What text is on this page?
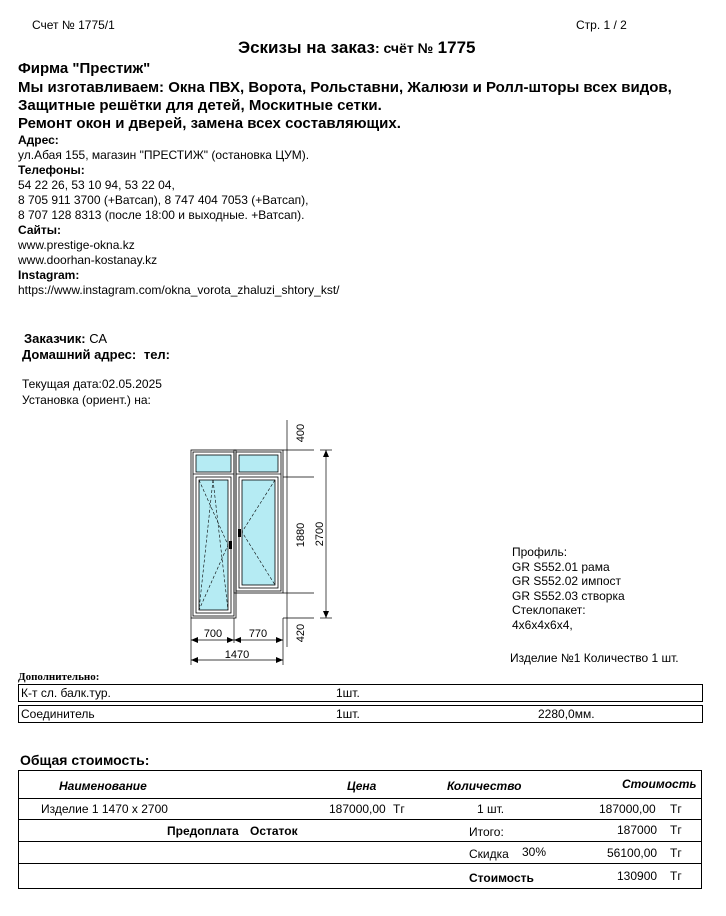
Счет № 1775/1	Стр. 1 / 2
Эскизы на заказ: счёт № 1775
Фирма "Престиж"
Мы изготавливаем: Окна ПВХ, Ворота, Рольставни, Жалюзи и Ролл-шторы всех видов,
Защитные решётки для детей, Москитные сетки.
Ремонт окон и дверей, замена всех составляющих.
Адрес:
ул.Абая 155, магазин "ПРЕСТИЖ" (остановка ЦУМ).
Телефоны:
54 22 26, 53 10 94, 53 22 04,
8 705 911 3700 (+Ватсап), 8 747 404 7053 (+Ватсап),
8 707 128 8313 (после 18:00 и выходные. +Ватсап).
Сайты:
www.prestige-okna.kz
www.doorhan-kostanay.kz
Instagram:
https://www.instagram.com/okna_vorota_zhaluzi_shtory_kst/
Заказчик: СА
Домашний адрес: тел:
Текущая дата:02.05.2025
Установка (ориент.) на:
400
1880
420
2700
700 770
1470
Профиль:
GR S552.01 рама
GR S552.02 импост
GR S552.03 створка
Стеклопакет:
4x6x4x6x4,
Изделие №1 Количество 1 шт.
Дополнительно:
К-т сл. балк.тур.	1шт.
Соединитель	1шт.	2280,0мм.
Общая стоимость:
Наименование	Цена	Количество	Стоимость

Изделие 1 1470 x 2700	187000,00 Тг	1 шт.	187000,00 Тг

Предоплата Остаток	Итого:	187000 Тг

Скидка 30%	56100,00 Тг

Стоимость	130900 Тг
